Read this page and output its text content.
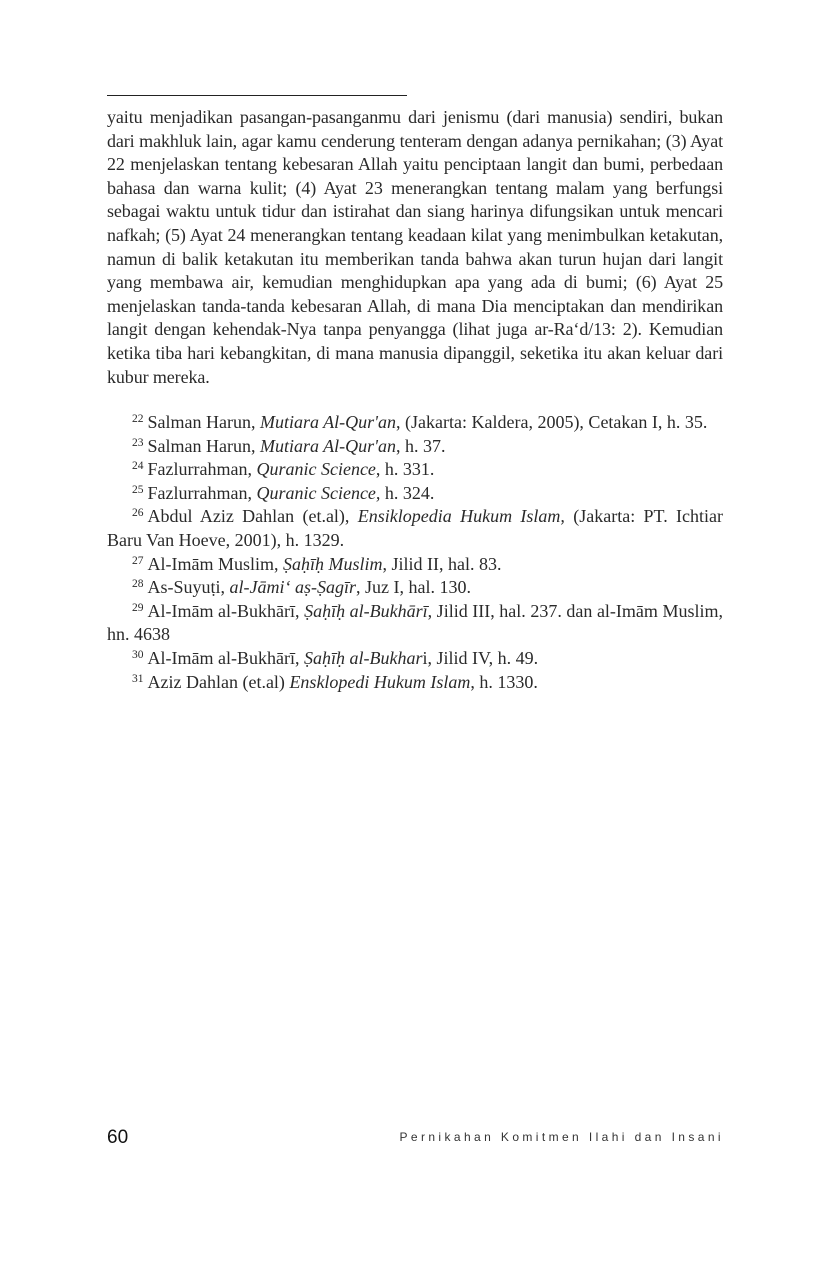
yaitu menjadikan pasangan-pasanganmu dari jenismu (dari manusia) sendiri, bukan dari makhluk lain, agar kamu cenderung tenteram dengan adanya pernikahan; (3) Ayat 22 menjelaskan tentang kebesaran Allah yaitu penciptaan langit dan bumi, perbedaan bahasa dan warna kulit; (4) Ayat 23 menerangkan tentang malam yang berfungsi sebagai waktu untuk tidur dan istirahat dan siang harinya difungsikan untuk mencari nafkah; (5) Ayat 24 menerangkan tentang keadaan kilat yang menimbulkan ketakutan, namun di balik ketakutan itu memberikan tanda bahwa akan turun hujan dari langit yang membawa air, kemudian menghidupkan apa yang ada di bumi; (6) Ayat 25 menjelaskan tanda-tanda kebesaran Allah, di mana Dia menciptakan dan mendirikan langit dengan kehendak-Nya tanpa penyangga (lihat juga ar-Ra‘d/13: 2). Kemudian ketika tiba hari kebangkitan, di mana manusia dipanggil, seketika itu akan keluar dari kubur mereka.

$^{22}$ Salman Harun, Mutiara Al-Qur'an, (Jakarta: Kaldera, 2005), Cetakan I, h. 35.
$^{23}$ Salman Harun, Mutiara Al-Qur'an, h. 37.
$^{24}$ Fazlurrahman, Quranic Science, h. 331.
$^{25}$ Fazlurrahman, Quranic Science, h. 324.
$^{26}$ Abdul Aziz Dahlan (et.al), Ensiklopedia Hukum Islam, (Jakarta: PT. Ichtiar Baru Van Hoeve, 2001), h. 1329.
$^{27}$ Al-Imām Muslim, Ṣaḥīḥ Muslim, Jilid II, hal. 83.
$^{28}$ As-Suyuṭi, al-Jāmi‘ aṣ-Ṣagīr, Juz I, hal. 130.
$^{29}$ Al-Imām al-Bukhārī, Ṣaḥīḥ al-Bukhārī, Jilid III, hal. 237. dan al-Imām Muslim, hn. 4638
$^{30}$ Al-Imām al-Bukhārī, Ṣaḥīḥ al-Bukhari, Jilid IV, h. 49.
$^{31}$ Aziz Dahlan (et.al) Ensklopedi Hukum Islam, h. 1330.
60	Pernikahan Komitmen Ilahi dan Insani
